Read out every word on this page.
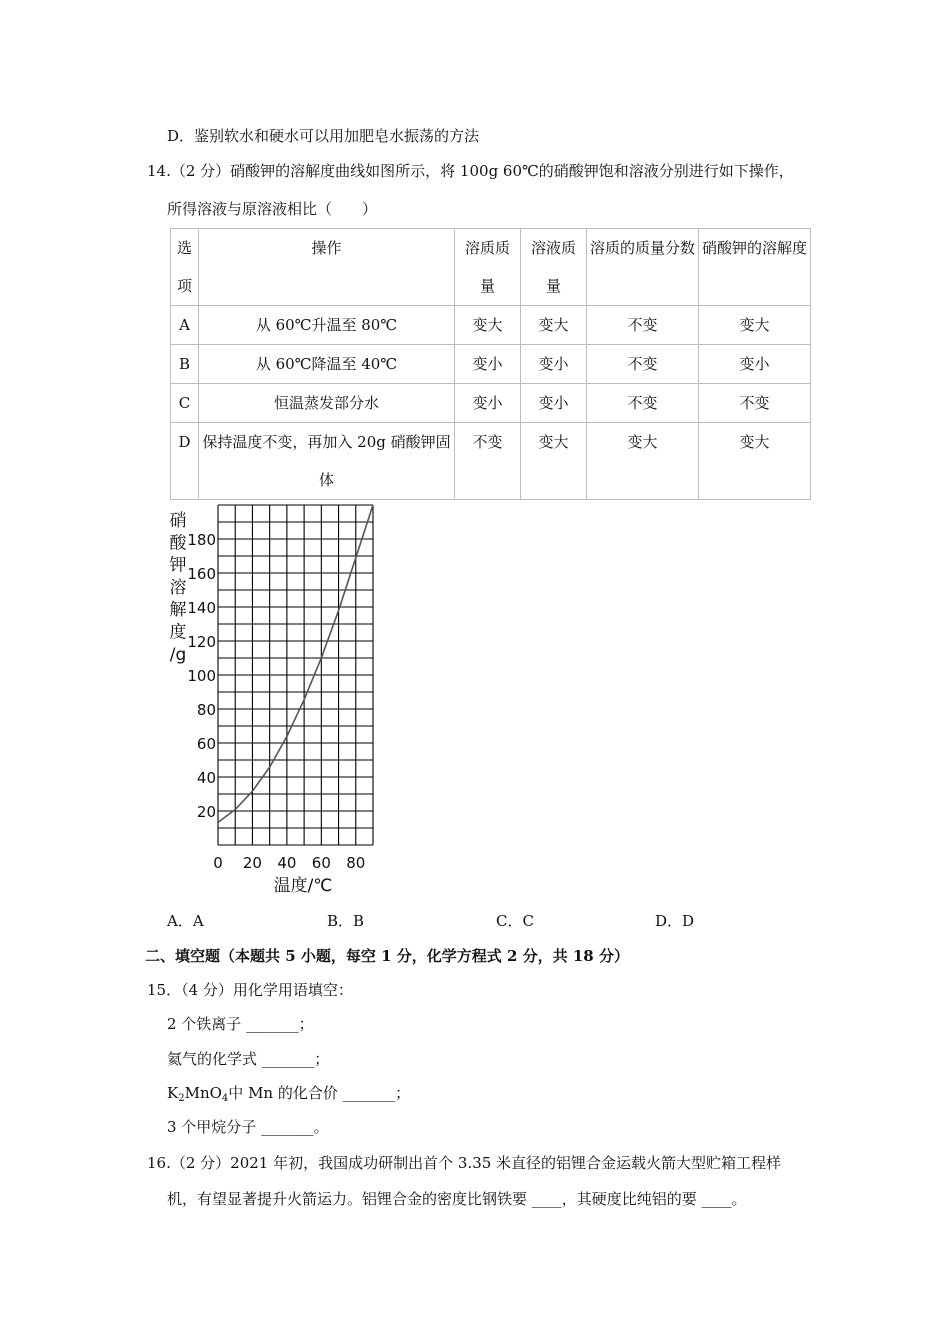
D．鉴别软水和硬水可以用加肥皂水振荡的方法
14.（2 分）硝酸钾的溶解度曲线如图所示，将 100g 60℃的硝酸钾饱和溶液分别进行如下操作，
所得溶液与原溶液相比（　　）
选项	操作	溶质质量	溶液质量	溶质的质量分数	硝酸钾的溶解度
A	从 60℃升温至 80℃	变大	变大	不变	变大
B	从 60℃降温至 40℃	变小	变小	不变	变小
C	恒温蒸发部分水	变小	变小	不变	不变
D	保持温度不变，再加入 20g 硝酸钾固体	不变	变大	变大	变大
20
40
60
80
100
120
140
160
180
0 20 40 60 80
硝酸钾溶解度/g
温度/℃
A．A	B．B	C．C	D．D
二、填空题（本题共 5 小题，每空 1 分，化学方程式 2 分，共 18 分）
15．（4 分）用化学用语填空：
2 个铁离子 _______；
氦气的化学式 _______；
$K_2MnO_4$中 Mn 的化合价 _______；
3 个甲烷分子 _______。
16.（2 分）2021 年初，我国成功研制出首个 3.35 米直径的铝锂合金运载火箭大型贮箱工程样
机，有望显著提升火箭运力。铝锂合金的密度比钢铁要 ____，其硬度比纯铝的要 ____。
